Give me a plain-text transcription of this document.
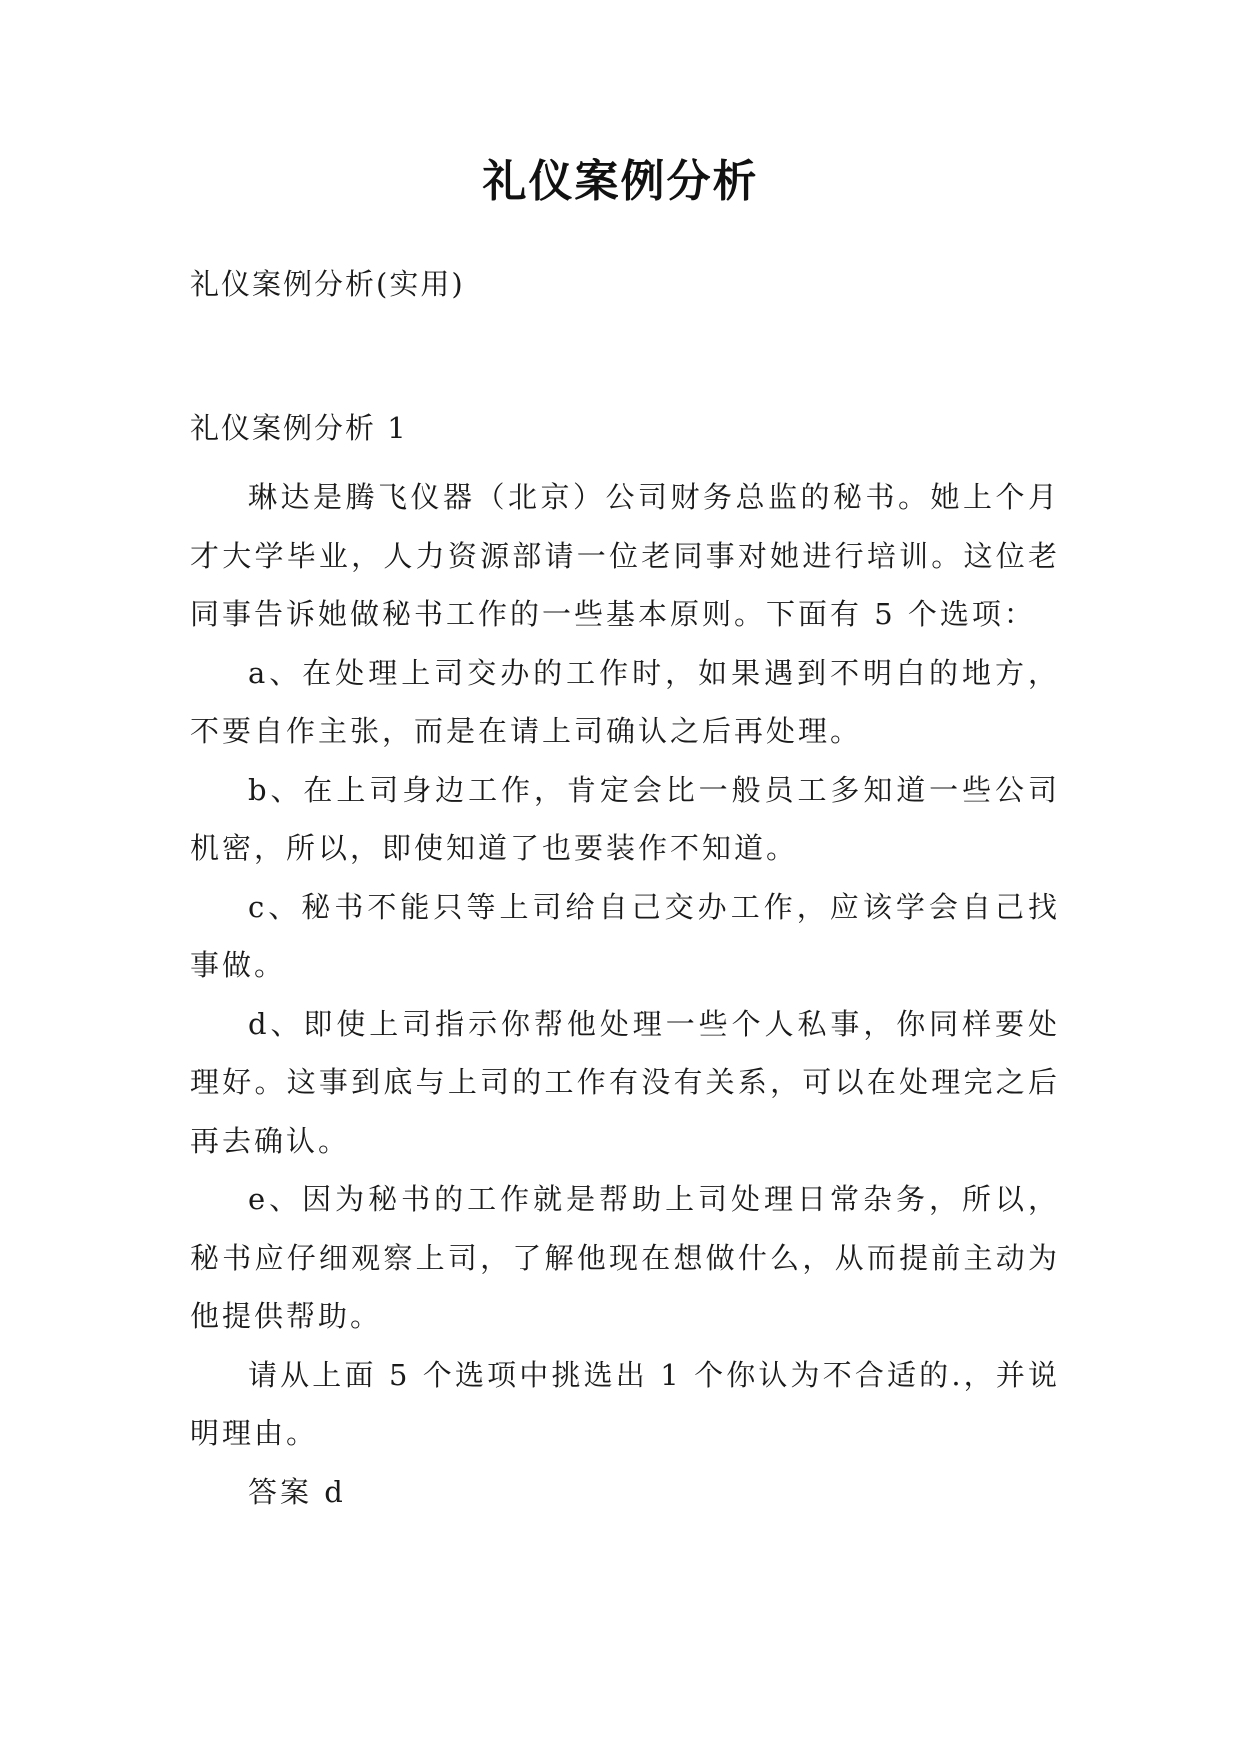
礼仪案例分析
礼仪案例分析(实用)
礼仪案例分析 1

琳达是腾飞仪器（北京）公司财务总监的秘书。她上个月才大学毕业，人力资源部请一位老同事对她进行培训。这位老同事告诉她做秘书工作的一些基本原则。下面有 5 个选项：

a、在处理上司交办的工作时，如果遇到不明白的地方，不要自作主张，而是在请上司确认之后再处理。

b、在上司身边工作，肯定会比一般员工多知道一些公司机密，所以，即使知道了也要装作不知道。

c、秘书不能只等上司给自己交办工作，应该学会自己找事做。

d、即使上司指示你帮他处理一些个人私事，你同样要处理好。这事到底与上司的工作有没有关系，可以在处理完之后再去确认。

e、因为秘书的工作就是帮助上司处理日常杂务，所以，秘书应仔细观察上司，了解他现在想做什么，从而提前主动为他提供帮助。

请从上面 5 个选项中挑选出 1 个你认为不合适的.，并说明理由。

答案 d
